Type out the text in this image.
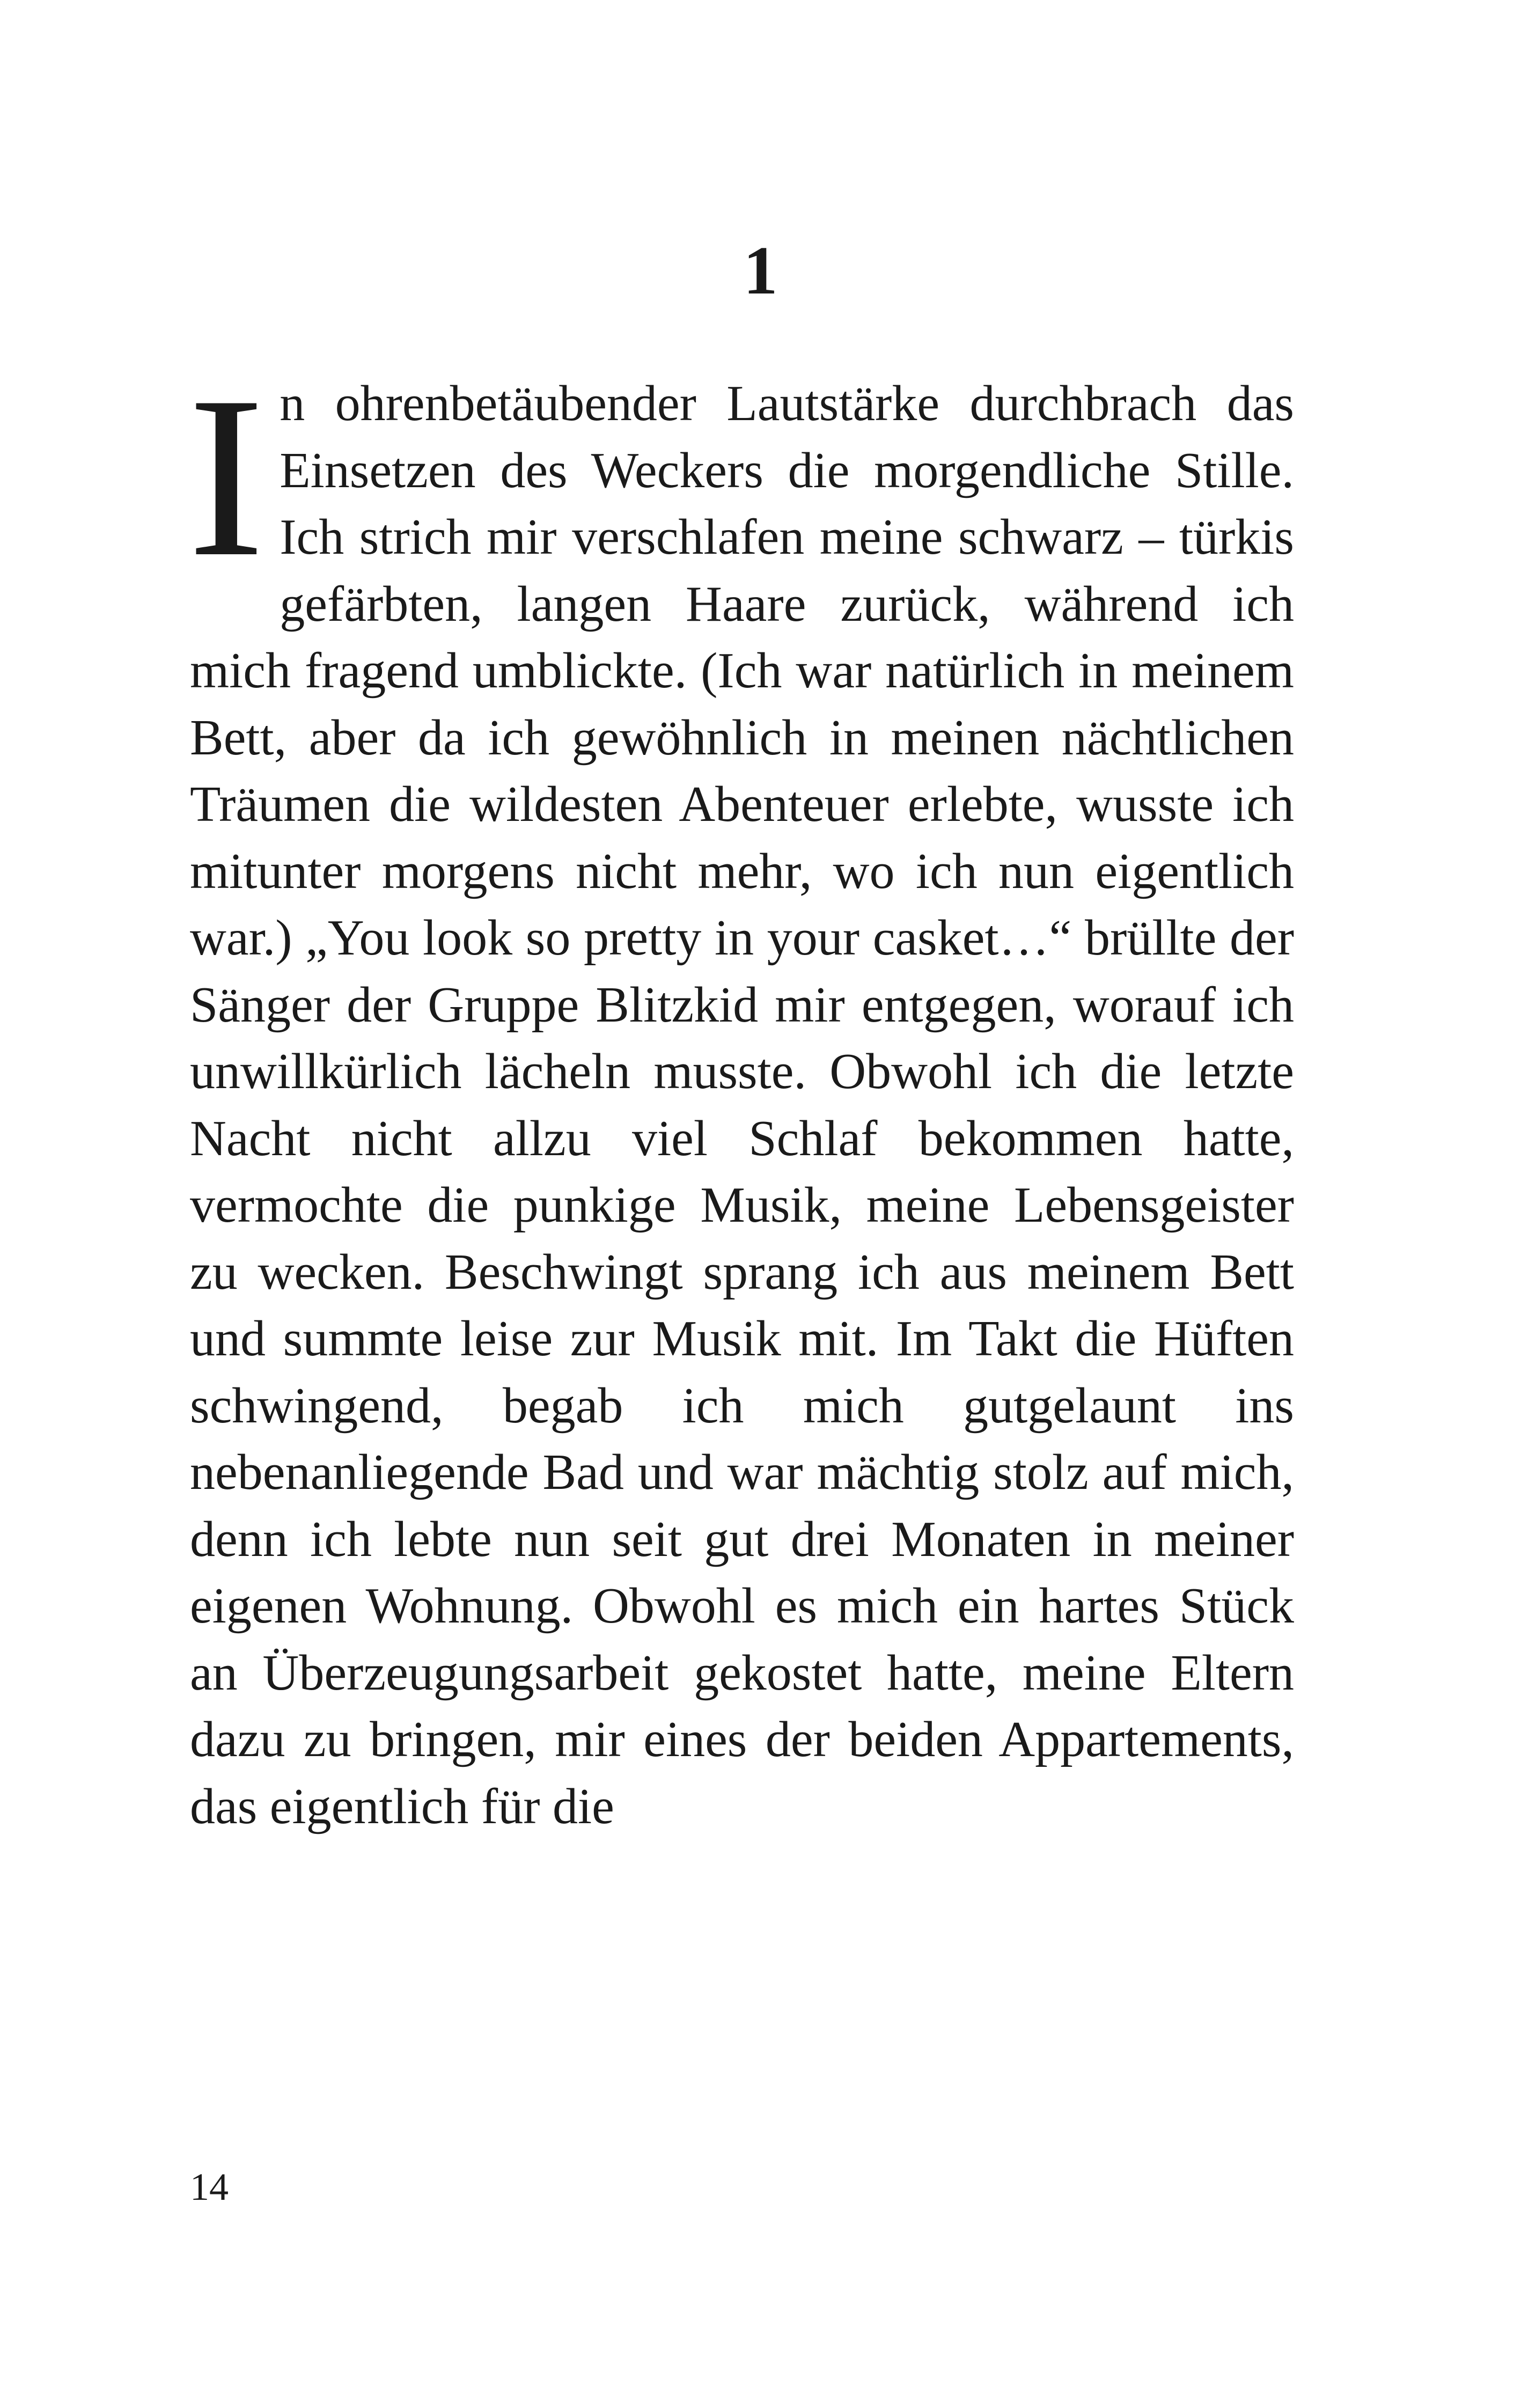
1

In ohrenbetäubender Lautstärke durchbrach das Einsetzen des Weckers die morgendliche Stille. Ich strich mir verschlafen meine schwarz – türkis gefärbten, langen Haare zurück, während ich mich fragend umblickte. (Ich war natürlich in meinem Bett, aber da ich gewöhnlich in meinen nächtlichen Träumen die wildesten Abenteuer erlebte, wusste ich mitunter morgens nicht mehr, wo ich nun eigentlich war.) „You look so pretty in your casket…“ brüllte der Sänger der Gruppe Blitzkid mir entgegen, worauf ich unwillkürlich lächeln musste. Obwohl ich die letzte Nacht nicht allzu viel Schlaf bekommen hatte, vermochte die punkige Musik, meine Lebensgeister zu wecken. Beschwingt sprang ich aus meinem Bett und summte leise zur Musik mit. Im Takt die Hüften schwingend, begab ich mich gutgelaunt ins nebenanliegende Bad und war mächtig stolz auf mich, denn ich lebte nun seit gut drei Monaten in meiner eigenen Wohnung. Obwohl es mich ein hartes Stück an Überzeugungsarbeit gekostet hatte, meine Eltern dazu zu bringen, mir eines der beiden Appartements, das eigentlich für die

14
